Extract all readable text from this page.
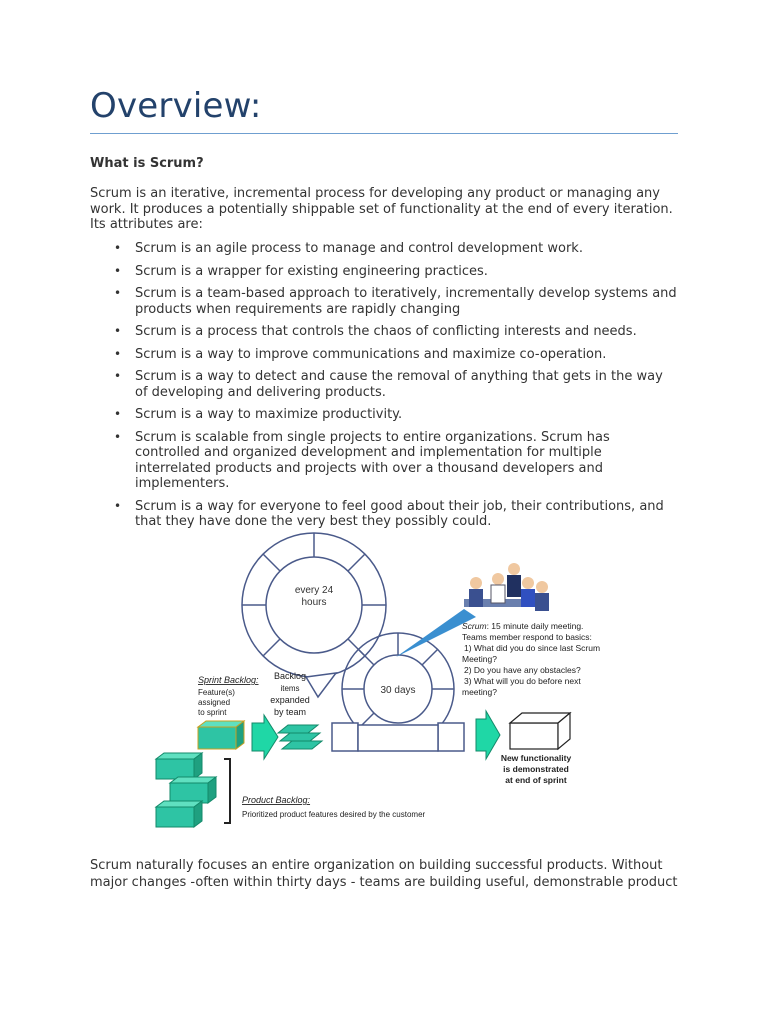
Overview:
What is Scrum?

Scrum is an iterative, incremental process for developing any product or managing any work. It produces a potentially shippable set of functionality at the end of every iteration. Its attributes are:

• Scrum is an agile process to manage and control development work.
• Scrum is a wrapper for existing engineering practices.
• Scrum is a team-based approach to iteratively, incrementally develop systems and products when requirements are rapidly changing
• Scrum is a process that controls the chaos of conflicting interests and needs.
• Scrum is a way to improve communications and maximize co-operation.
• Scrum is a way to detect and cause the removal of anything that gets in the way of developing and delivering products.
• Scrum is a way to maximize productivity.
• Scrum is scalable from single projects to entire organizations. Scrum has controlled and organized development and implementation for multiple interrelated products and projects with over a thousand developers and implementers.
• Scrum is a way for everyone to feel good about their job, their contributions, and that they have done the very best they possibly could.
every 24
hours
30 days
Scrum: 15 minute daily meeting.
Teams member respond to basics:
1) What did you do since last Scrum
Meeting?
2) Do you have any obstacles?
3) What will you do before next
meeting?
Sprint Backlog:
Feature(s)
assigned
to sprint
Backlog
items
expanded
by team
Product Backlog:
Prioritized product features desired by the customer
New functionality
is demonstrated
at end of sprint

Scrum naturally focuses an entire organization on building successful products. Without major changes -often within thirty days - teams are building useful, demonstrable product
